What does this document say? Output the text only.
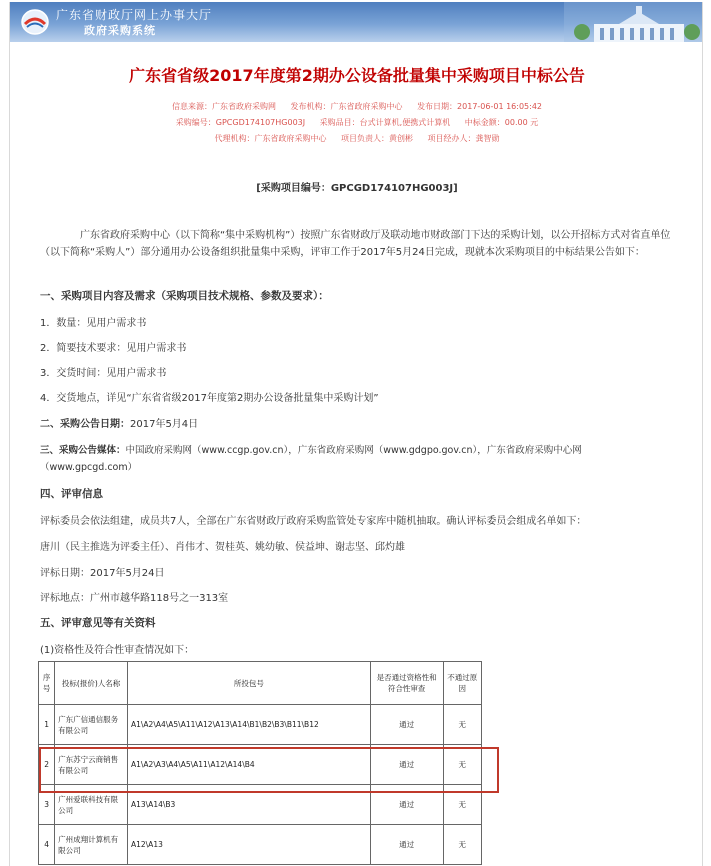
广东省财政厅网上办事大厅
政府采购系统
广东省省级2017年度第2期办公设备批量集中采购项目中标公告
信息来源：广东省政府采购网 发布机构：广东省政府采购中心 发布日期：2017-06-01 16:05:42
采购编号：GPCGD174107HG003J 采购品目：台式计算机,便携式计算机 中标金额：00.00 元
代理机构：广东省政府采购中心 项目负责人：黄创彬 项目经办人：龚智勋
[采购项目编号：GPCGD174107HG003J]
广东省政府采购中心（以下简称“集中采购机构”）按照广东省财政厅及联动地市财政部门下达的采购计划，以公开招标方式对省直单位（以下简称“采购人”）部分通用办公设备组织批量集中采购，评审工作于2017年5月24日完成，现就本次采购项目的中标结果公告如下：
一、采购项目内容及需求（采购项目技术规格、参数及要求）：
1．数量：见用户需求书
2．简要技术要求：见用户需求书
3．交货时间：见用户需求书
4．交货地点，详见“广东省省级2017年度第2期办公设备批量集中采购计划”
二、采购公告日期：2017年5月4日
三、采购公告媒体：中国政府采购网（www.ccgp.gov.cn），广东省政府采购网（www.gdgpo.gov.cn），广东省政府采购中心网
（www.gpcgd.com）
四、评审信息
评标委员会依法组建，成员共7人，全部在广东省财政厅政府采购监管处专家库中随机抽取。确认评标委员会组成名单如下：
唐川（民主推选为评委主任）、肖伟才、贺桂英、姚幼敏、侯益坤、谢志坚、邱灼雄
评标日期：2017年5月24日
评标地点：广州市越华路118号之一313室
五、评审意见等有关资料
(1)资格性及符合性审查情况如下：
序号	投标(报价)人名称	所投包号	是否通过资格性和符合性审查	不通过原因
1	广东广信通信服务有限公司	A1\A2\A4\A5\A11\A12\A13\A14\B1\B2\B3\B11\B12	通过	无
2	广东苏宁云商销售有限公司	A1\A2\A3\A4\A5\A11\A12\A14\B4	通过	无
3	广州爱联科技有限公司	A13\A14\B3	通过	无
4	广州成翔计算机有限公司	A12\A13	通过	无
